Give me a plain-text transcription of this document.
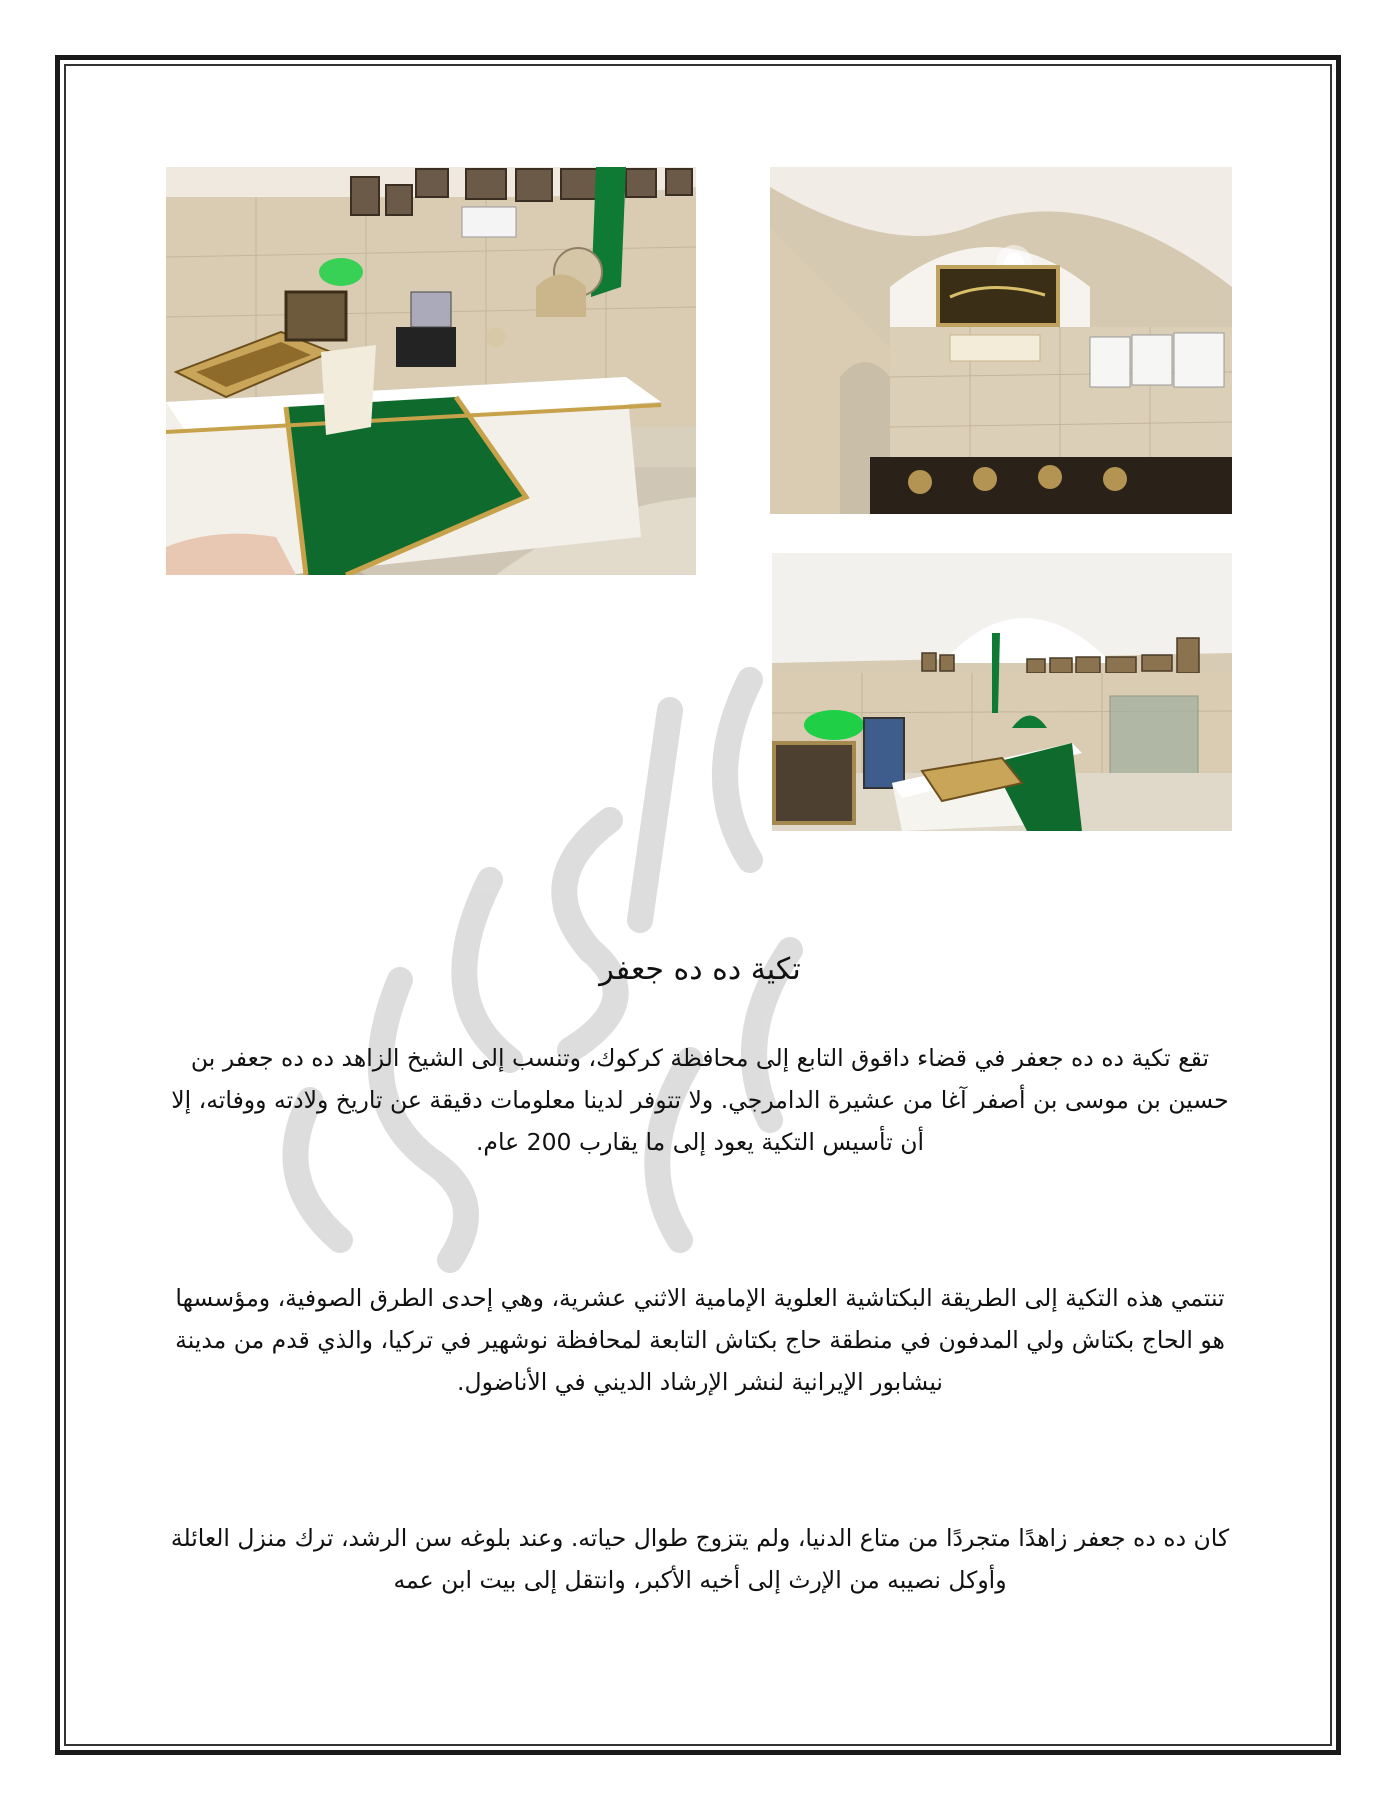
تكية ده ده جعفر
تقع تكية ده ده جعفر في قضاء داقوق التابع إلى محافظة كركوك، وتنسب إلى الشيخ الزاهد ده ده جعفر بن حسين بن موسى بن أصفر آغا من عشيرة الدامرجي. ولا تتوفر لدينا معلومات دقيقة عن تاريخ ولادته ووفاته، إلا أن تأسيس التكية يعود إلى ما يقارب 200 عام.
تنتمي هذه التكية إلى الطريقة البكتاشية العلوية الإمامية الاثني عشرية، وهي إحدى الطرق الصوفية، ومؤسسها هو الحاج بكتاش ولي المدفون في منطقة حاج بكتاش التابعة لمحافظة نوشهير في تركيا، والذي قدم من مدينة نيشابور الإيرانية لنشر الإرشاد الديني في الأناضول.
كان ده ده جعفر زاهدًا متجردًا من متاع الدنيا، ولم يتزوج طوال حياته. وعند بلوغه سن الرشد، ترك منزل العائلة وأوكل نصيبه من الإرث إلى أخيه الأكبر، وانتقل إلى بيت ابن عمه
